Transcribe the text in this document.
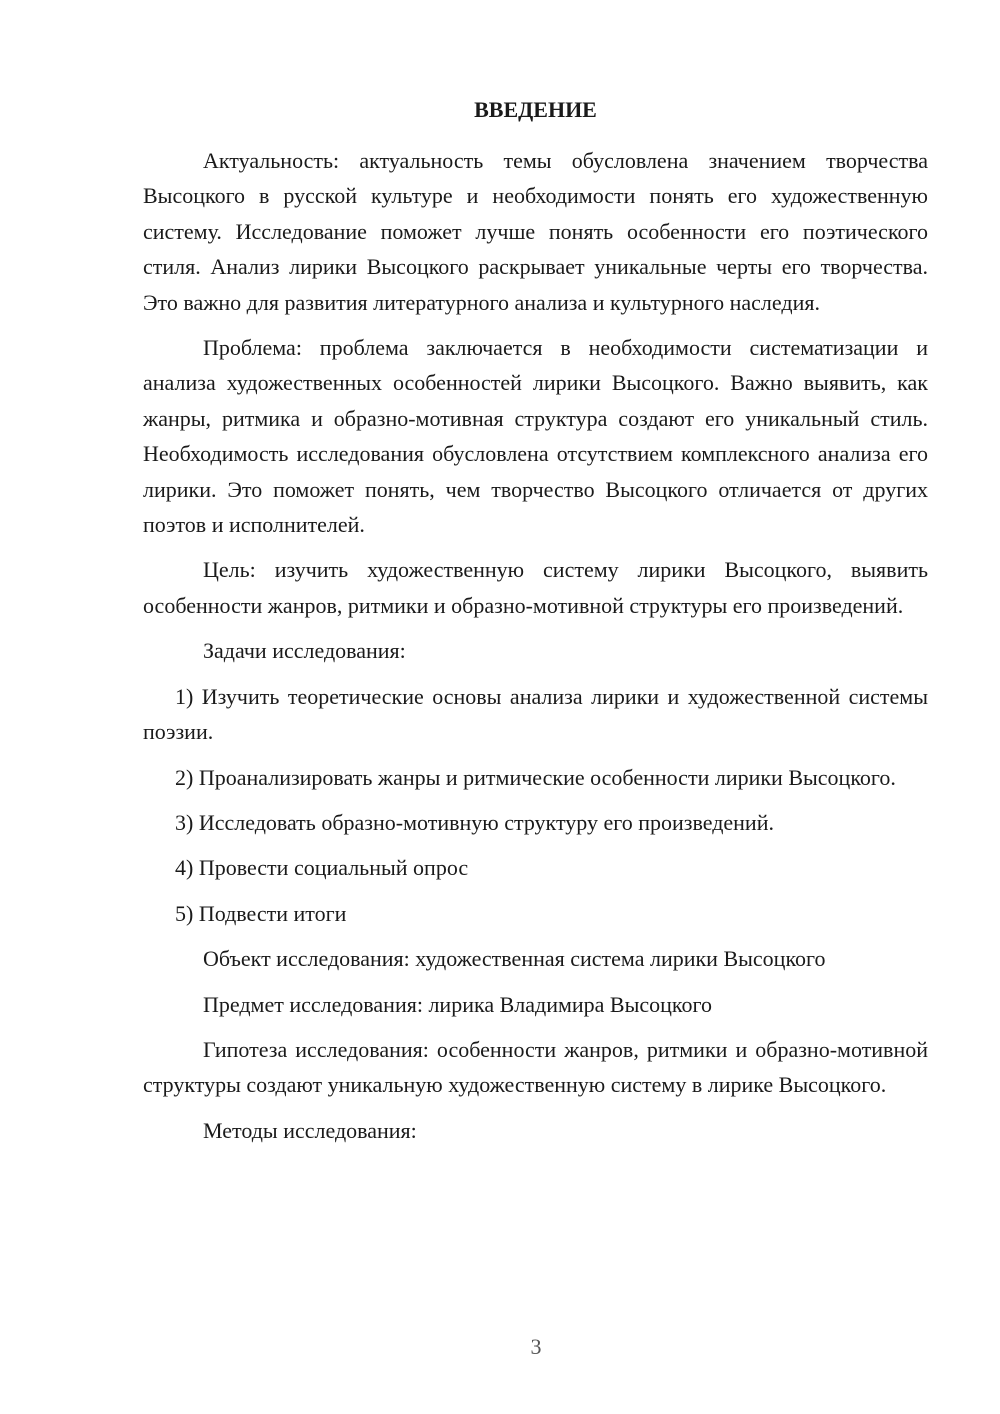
ВВЕДЕНИЕ

Актуальность: актуальность темы обусловлена значением творчества Высоцкого в русской культуре и необходимости понять его художественную систему. Исследование поможет лучше понять особенности его поэтического стиля. Анализ лирики Высоцкого раскрывает уникальные черты его творчества. Это важно для развития литературного анализа и культурного наследия.

Проблема: проблема заключается в необходимости систематизации и анализа художественных особенностей лирики Высоцкого. Важно выявить, как жанры, ритмика и образно-мотивная структура создают его уникальный стиль. Необходимость исследования обусловлена отсутствием комплексного анализа его лирики. Это поможет понять, чем творчество Высоцкого отличается от других поэтов и исполнителей.

Цель: изучить художественную систему лирики Высоцкого, выявить особенности жанров, ритмики и образно-мотивной структуры его произведений.

Задачи исследования:

1) Изучить теоретические основы анализа лирики и художественной системы поэзии.

2) Проанализировать жанры и ритмические особенности лирики Высоцкого.

3) Исследовать образно-мотивную структуру его произведений.

4) Провести социальный опрос

5) Подвести итоги

Объект исследования: художественная система лирики Высоцкого

Предмет исследования: лирика Владимира Высоцкого

Гипотеза исследования: особенности жанров, ритмики и образно-мотивной структуры создают уникальную художественную систему в лирике Высоцкого.

Методы исследования:

3
